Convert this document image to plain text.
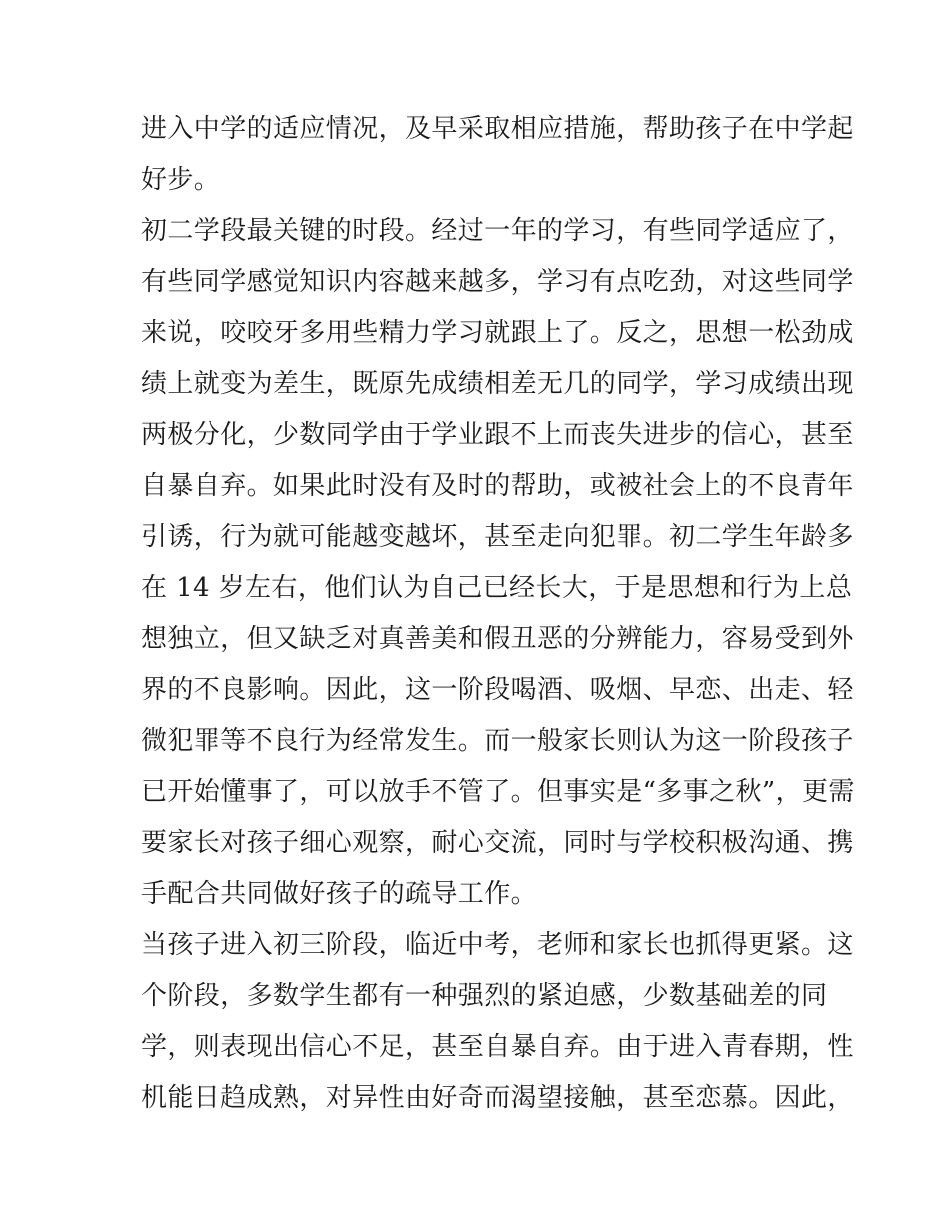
进入中学的适应情况，及早采取相应措施，帮助孩子在中学起
好步。
初二学段最关键的时段。经过一年的学习，有些同学适应了，
有些同学感觉知识内容越来越多，学习有点吃劲，对这些同学
来说，咬咬牙多用些精力学习就跟上了。反之，思想一松劲成
绩上就变为差生，既原先成绩相差无几的同学，学习成绩出现
两极分化，少数同学由于学业跟不上而丧失进步的信心，甚至
自暴自弃。如果此时没有及时的帮助，或被社会上的不良青年
引诱，行为就可能越变越坏，甚至走向犯罪。初二学生年龄多
在 14 岁左右，他们认为自己已经长大，于是思想和行为上总
想独立，但又缺乏对真善美和假丑恶的分辨能力，容易受到外
界的不良影响。因此，这一阶段喝酒、吸烟、早恋、出走、轻
微犯罪等不良行为经常发生。而一般家长则认为这一阶段孩子
已开始懂事了，可以放手不管了。但事实是“多事之秋”，更需
要家长对孩子细心观察，耐心交流，同时与学校积极沟通、携
手配合共同做好孩子的疏导工作。
当孩子进入初三阶段，临近中考，老师和家长也抓得更紧。这
个阶段，多数学生都有一种强烈的紧迫感，少数基础差的同
学，则表现出信心不足，甚至自暴自弃。由于进入青春期，性
机能日趋成熟，对异性由好奇而渴望接触，甚至恋慕。因此，
